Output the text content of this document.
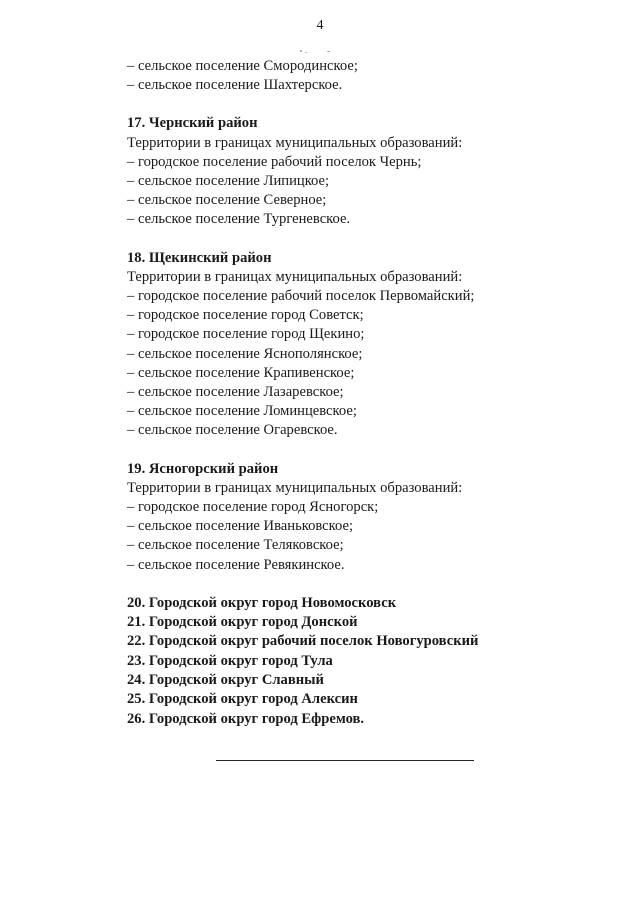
4
– сельское поселение Смородинское;
– сельское поселение Шахтерское.
17. Чернский район
Территории в границах муниципальных образований:
– городское поселение рабочий поселок Чернь;
– сельское поселение Липицкое;
– сельское поселение Северное;
– сельское поселение Тургеневское.
18. Щекинский район
Территории в границах муниципальных образований:
– городское поселение рабочий поселок Первомайский;
– городское поселение город Советск;
– городское поселение город Щекино;
– сельское поселение Яснополянское;
– сельское поселение Крапивенское;
– сельское поселение Лазаревское;
– сельское поселение Ломинцевское;
– сельское поселение Огаревское.
19. Ясногорский район
Территории в границах муниципальных образований:
– городское поселение город Ясногорск;
– сельское поселение Иваньковское;
– сельское поселение Теляковское;
– сельское поселение Ревякинское.
20. Городской округ город Новомосковск
21. Городской округ город Донской
22. Городской округ рабочий поселок Новогуровский
23. Городской округ город Тула
24. Городской округ Славный
25. Городской округ город Алексин
26. Городской округ город Ефремов.
